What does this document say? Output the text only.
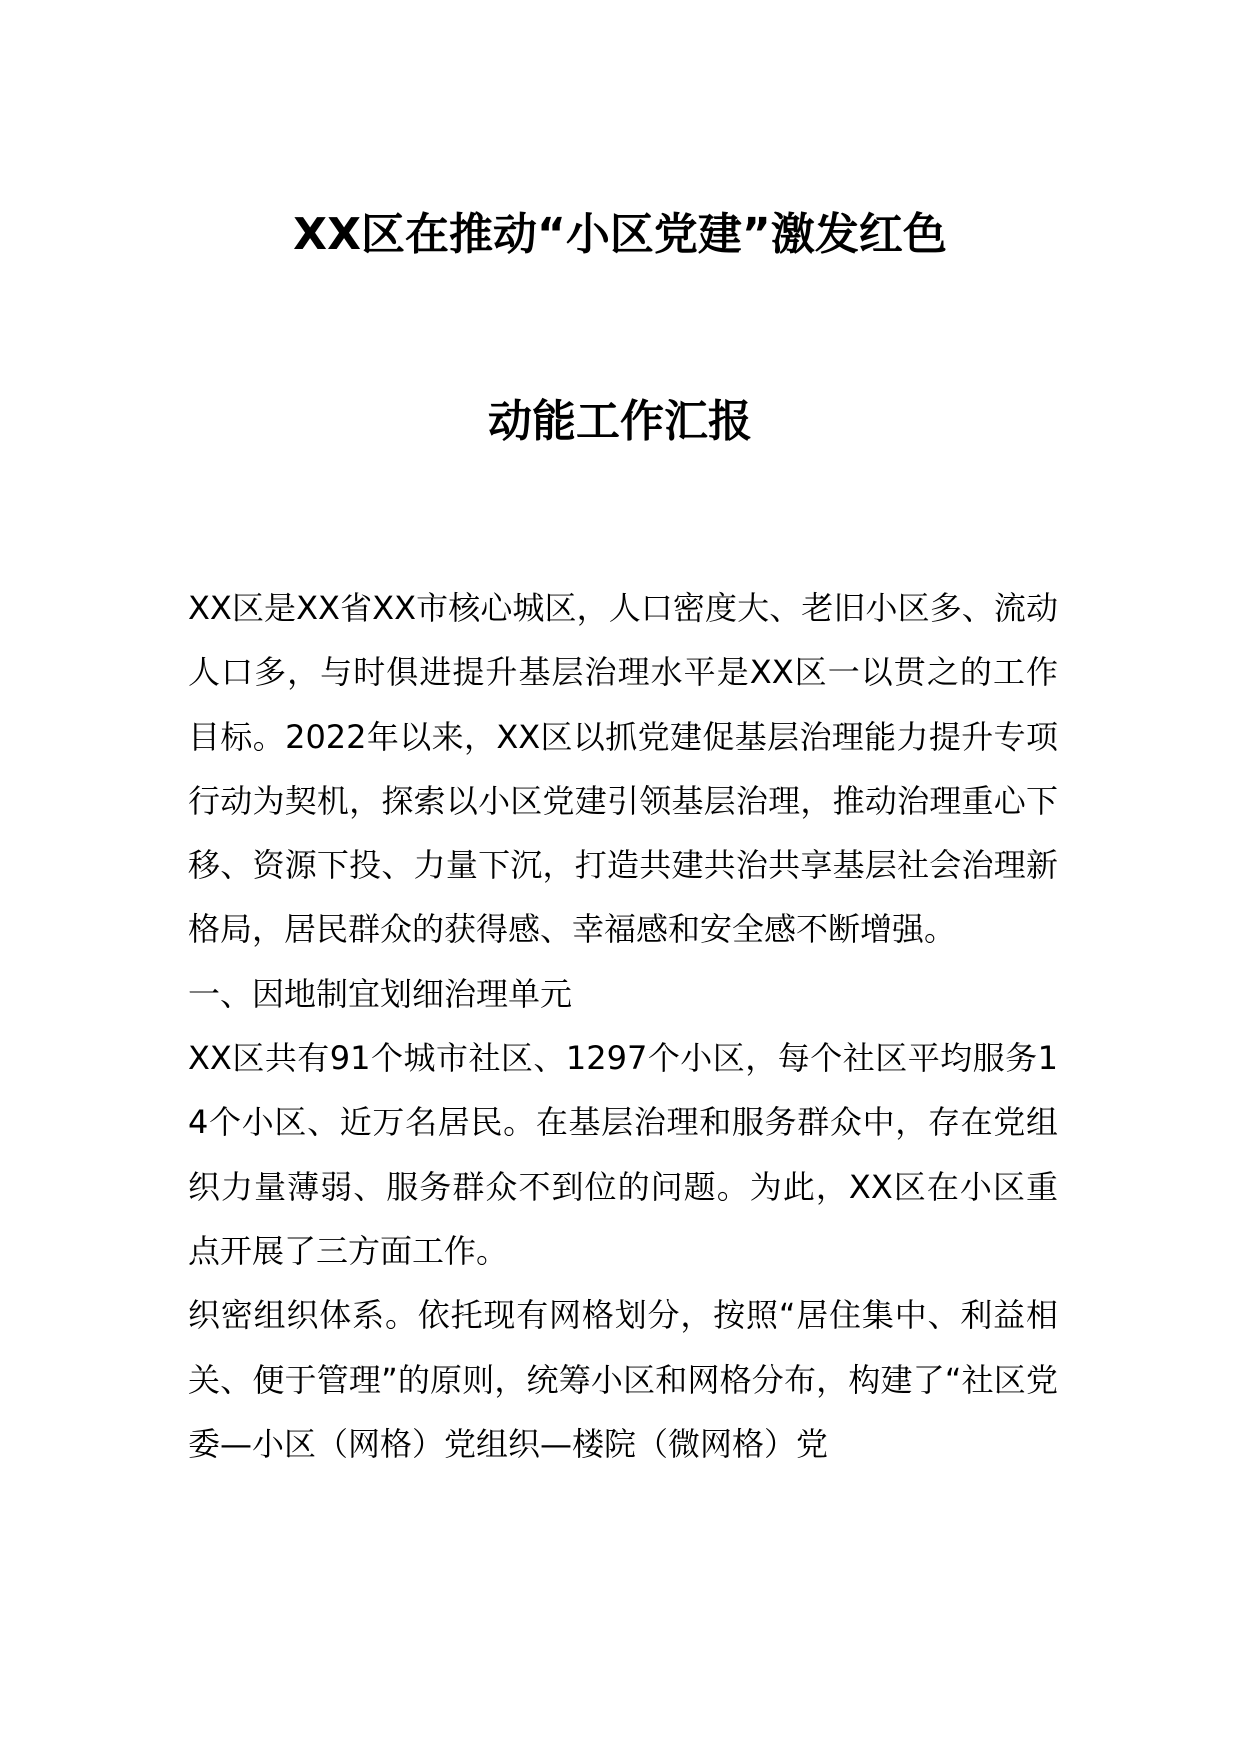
XX区在推动“小区党建”激发红色
动能工作汇报

XX区是XX省XX市核心城区，人口密度大、老旧小区多、流动人口多，与时俱进提升基层治理水平是XX区一以贯之的工作目标。2022年以来，XX区以抓党建促基层治理能力提升专项行动为契机，探索以小区党建引领基层治理，推动治理重心下移、资源下投、力量下沉，打造共建共治共享基层社会治理新格局，居民群众的获得感、幸福感和安全感不断增强。

一、因地制宜划细治理单元

XX区共有91个城市社区、1297个小区，每个社区平均服务14个小区、近万名居民。在基层治理和服务群众中，存在党组织力量薄弱、服务群众不到位的问题。为此，XX区在小区重点开展了三方面工作。

织密组织体系。依托现有网格划分，按照“居住集中、利益相关、便于管理”的原则，统筹小区和网格分布，构建了“社区党委—小区（网格）党组织—楼院（微网格）党
